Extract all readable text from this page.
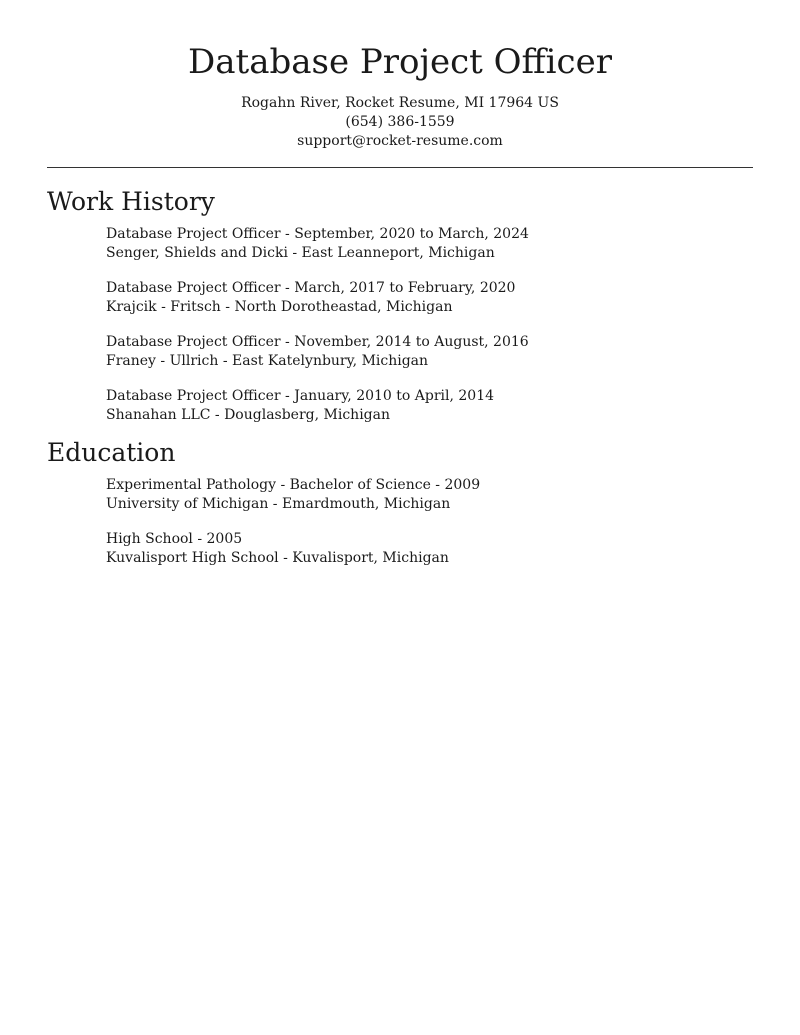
Database Project Officer
Rogahn River, Rocket Resume, MI 17964 US
(654) 386-1559
support@rocket-resume.com
Work History
Database Project Officer - September, 2020 to March, 2024
Senger, Shields and Dicki - East Leanneport, Michigan
Database Project Officer - March, 2017 to February, 2020
Krajcik - Fritsch - North Dorotheastad, Michigan
Database Project Officer - November, 2014 to August, 2016
Franey - Ullrich - East Katelynbury, Michigan
Database Project Officer - January, 2010 to April, 2014
Shanahan LLC - Douglasberg, Michigan
Education
Experimental Pathology - Bachelor of Science - 2009
University of Michigan - Emardmouth, Michigan
High School - 2005
Kuvalisport High School - Kuvalisport, Michigan
